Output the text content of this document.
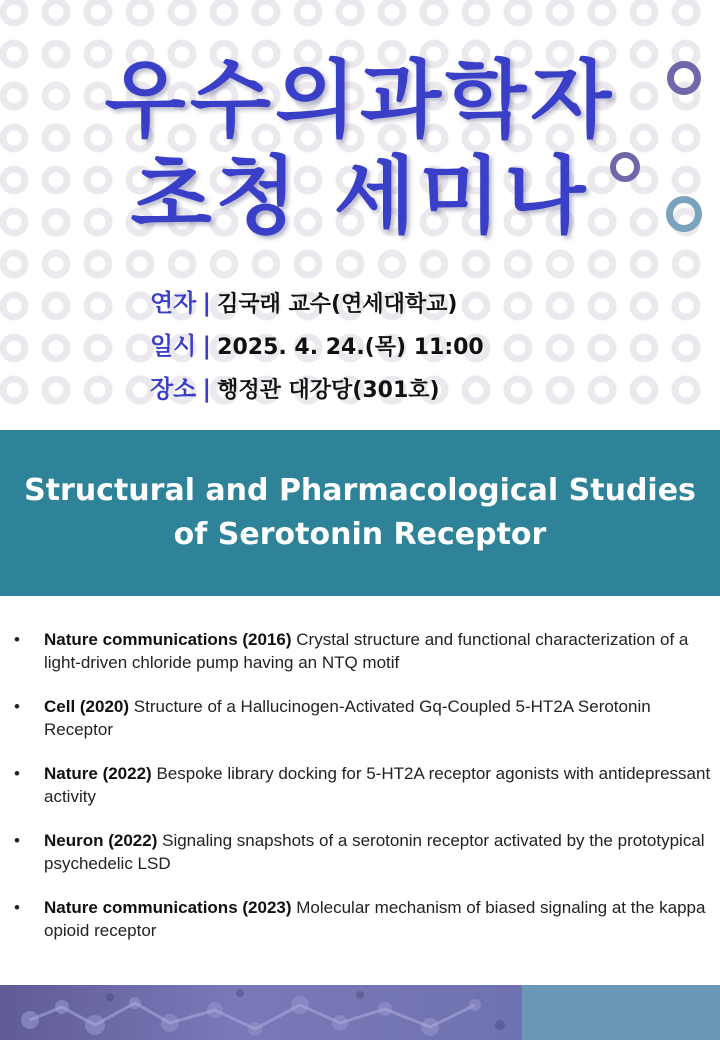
우수의과학자
초청 세미나
연자 | 김국래 교수(연세대학교)
일시 | 2025. 4. 24.(목) 11:00
장소 | 행정관 대강당(301호)
Structural and Pharmacological Studies
of Serotonin Receptor
• Nature communications (2016) Crystal structure and functional characterization of a light-driven chloride pump having an NTQ motif
• Cell (2020) Structure of a Hallucinogen-Activated Gq-Coupled 5-HT2A Serotonin Receptor
• Nature (2022) Bespoke library docking for 5-HT2A receptor agonists with antidepressant activity
• Neuron (2022) Signaling snapshots of a serotonin receptor activated by the prototypical psychedelic LSD
• Nature communications (2023) Molecular mechanism of biased signaling at the kappa opioid receptor
